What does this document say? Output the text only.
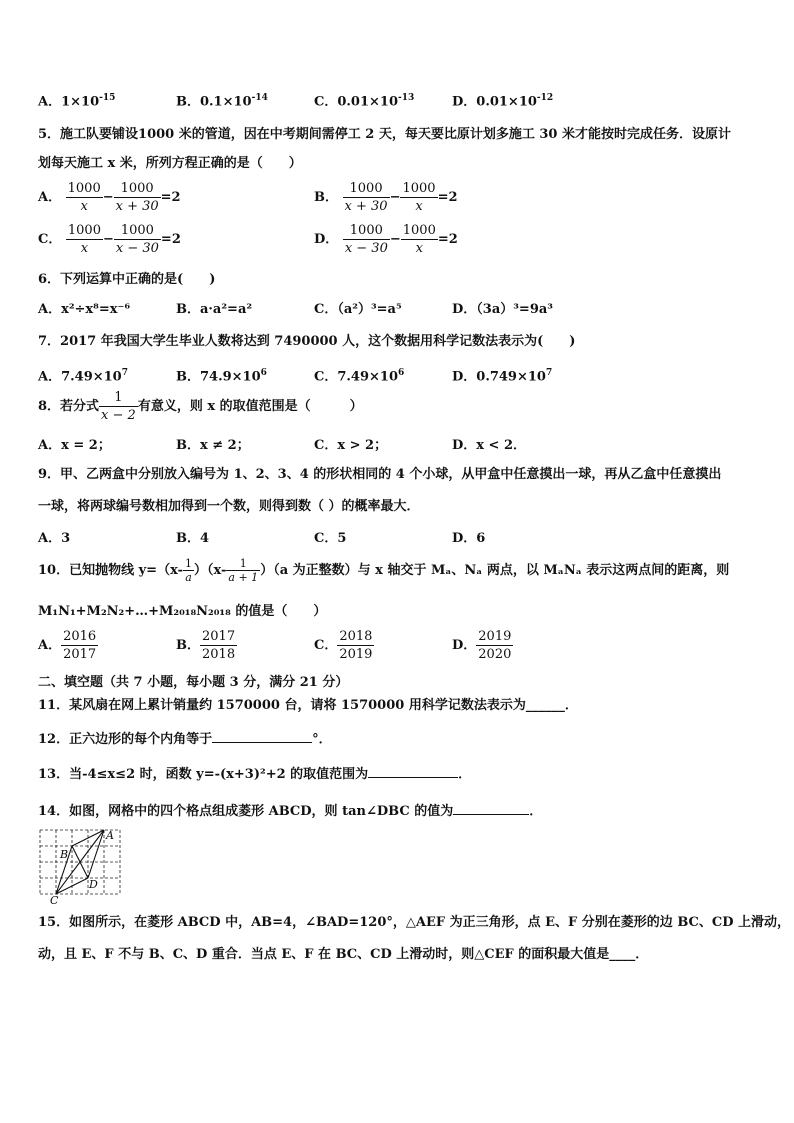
A．$1\times 10^{-15}$	B．$0.1\times 10^{-14}$	C．$0.01\times 10^{-13}$	D．$0.01\times 10^{-12}$
5．施工队要铺设1000 米的管道，因在中考期间需停工 2 天，每天要比原计划多施工 30 米才能按时完成任务．设原计
划每天施工 x 米，所列方程正确的是（　　）
A． $\frac{1000}{x} - \frac{1000}{x + 30} =2$	B． $\frac{1000}{x + 30} - \frac{1000}{x} =2$
C． $\frac{1000}{x} - \frac{1000}{x - 30} =2$	D． $\frac{1000}{x - 30} - \frac{1000}{x} =2$
6．下列运算中正确的是(　　)
A．x²÷x⁸=x⁻⁶	B．a·a²=a²	C．（a²）³=a⁵	D．（3a）³=9a³
7．2017 年我国大学生毕业人数将达到 7490000 人，这个数据用科学记数法表示为(　　)
A．$7.49\times 10^7$	B．$74.9\times 10^6$	C．$7.49\times 10^6$	D．$0.749\times 10^7$
8．若分式 $\frac{1}{x - 2}$ 有意义，则 x 的取值范围是（　　　）
A．x = 2；	B．x ≠ 2；	C．x > 2；	D．x < 2．
9．甲、乙两盒中分别放入编号为 1、2、3、4 的形状相同的 4 个小球，从甲盒中任意摸出一球，再从乙盒中任意摸出
一球，将两球编号数相加得到一个数，则得到数（ ）的概率最大．
A．3	B．4	C．5	D．6
10．已知抛物线 $y=(x- \frac{1}{a} )(x- \frac{1}{a + 1} )(a$ 为正整数）与 x 轴交于 Mₐ、Nₐ 两点，以 MₐNₐ 表示这两点间的距离，则
M₁N₁+M₂N₂+…+M₂₀₁₈N₂₀₁₈ 的值是（　　）
A． $\frac{2016}{2017}$	B． $\frac{2017}{2018}$	C． $\frac{2018}{2019}$	D． $\frac{2019}{2020}$
二、填空题（共 7 小题，每小题 3 分，满分 21 分）
11．某风扇在网上累计销量约 1570000 台，请将 1570000 用科学记数法表示为______．
12．正六边形的每个内角等于	°．
13．当-4≤x≤2 时，函数 y=-(x+3)²+2 的取值范围为	．
14．如图，网格中的四个格点组成菱形 ABCD，则 tan∠DBC 的值为	．
A
B
C
D
15．如图所示，在菱形 ABCD 中，AB=4，∠BAD=120°，△AEF 为正三角形，点 E、F 分别在菱形的边 BC、CD 上滑动，
动，且 E、F 不与 B、C、D 重合．当点 E、F 在 BC、CD 上滑动时，则△CEF 的面积最大值是____．
